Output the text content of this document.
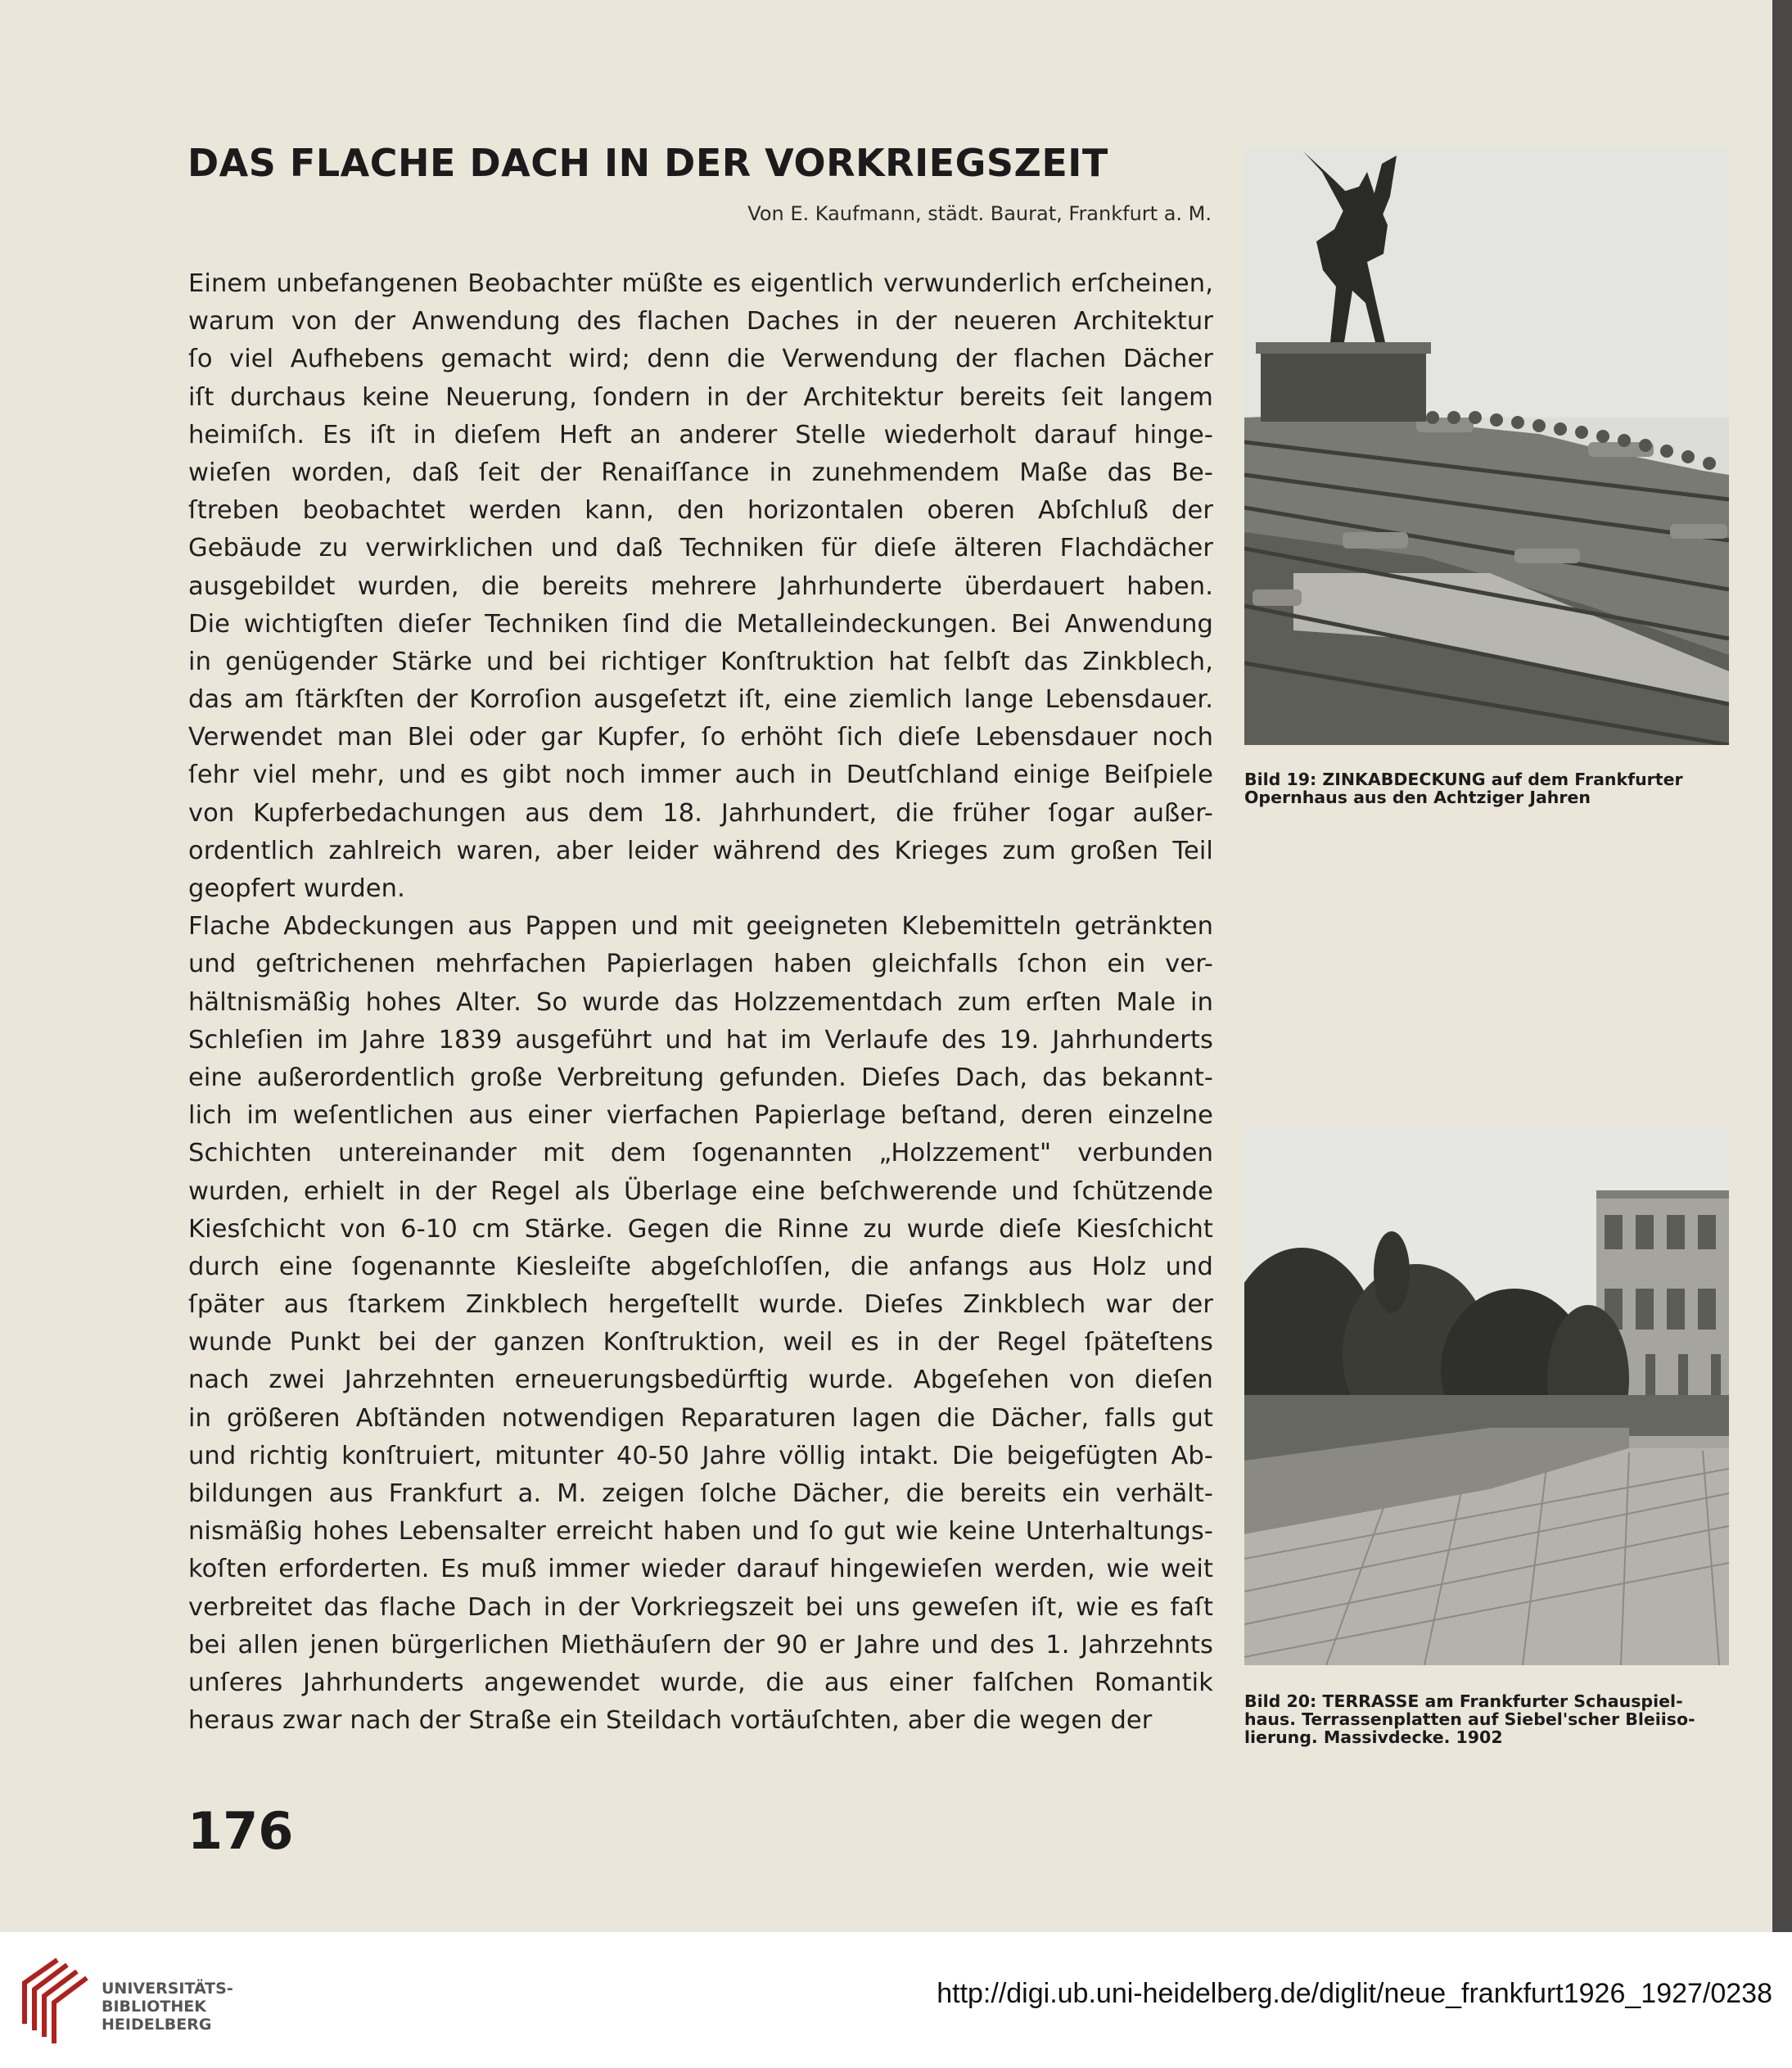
DAS FLACHE DACH IN DER VORKRIEGSZEIT
Von E. Kaufmann, städt. Baurat, Frankfurt a. M.
Einem unbefangenen Beobachter müßte es eigentlich verwunderlich erſcheinen,
warum von der Anwendung des flachen Daches in der neueren Architektur
ſo viel Aufhebens gemacht wird; denn die Verwendung der flachen Dächer
iſt durchaus keine Neuerung, ſondern in der Architektur bereits ſeit langem
heimiſch. Es iſt in dieſem Heft an anderer Stelle wiederholt darauf hinge-
wieſen worden, daß ſeit der Renaiſſance in zunehmendem Maße das Be-
ſtreben beobachtet werden kann, den horizontalen oberen Abſchluß der
Gebäude zu verwirklichen und daß Techniken für dieſe älteren Flachdächer
ausgebildet wurden, die bereits mehrere Jahrhunderte überdauert haben.
Die wichtigſten dieſer Techniken ſind die Metalleindeckungen. Bei Anwendung
in genügender Stärke und bei richtiger Konſtruktion hat ſelbſt das Zinkblech,
das am ſtärkſten der Korroſion ausgeſetzt iſt, eine ziemlich lange Lebensdauer.
Verwendet man Blei oder gar Kupfer, ſo erhöht ſich dieſe Lebensdauer noch
ſehr viel mehr, und es gibt noch immer auch in Deutſchland einige Beiſpiele
von Kupferbedachungen aus dem 18. Jahrhundert, die früher ſogar außer-
ordentlich zahlreich waren, aber leider während des Krieges zum großen Teil
geopfert wurden.
Flache Abdeckungen aus Pappen und mit geeigneten Klebemitteln getränkten
und geſtrichenen mehrfachen Papierlagen haben gleichfalls ſchon ein ver-
hältnismäßig hohes Alter. So wurde das Holzzementdach zum erſten Male in
Schleſien im Jahre 1839 ausgeführt und hat im Verlaufe des 19. Jahrhunderts
eine außerordentlich große Verbreitung gefunden. Dieſes Dach, das bekannt-
lich im weſentlichen aus einer vierfachen Papierlage beſtand, deren einzelne
Schichten untereinander mit dem ſogenannten „Holzzement" verbunden
wurden, erhielt in der Regel als Überlage eine beſchwerende und ſchützende
Kiesſchicht von 6-10 cm Stärke. Gegen die Rinne zu wurde dieſe Kiesſchicht
durch eine ſogenannte Kiesleiſte abgeſchloſſen, die anfangs aus Holz und
ſpäter aus ſtarkem Zinkblech hergeſtellt wurde. Dieſes Zinkblech war der
wunde Punkt bei der ganzen Konſtruktion, weil es in der Regel ſpäteſtens
nach zwei Jahrzehnten erneuerungsbedürftig wurde. Abgeſehen von dieſen
in größeren Abſtänden notwendigen Reparaturen lagen die Dächer, falls gut
und richtig konſtruiert, mitunter 40-50 Jahre völlig intakt. Die beigefügten Ab-
bildungen aus Frankfurt a. M. zeigen ſolche Dächer, die bereits ein verhält-
nismäßig hohes Lebensalter erreicht haben und ſo gut wie keine Unterhaltungs-
koſten erforderten. Es muß immer wieder darauf hingewieſen werden, wie weit
verbreitet das flache Dach in der Vorkriegszeit bei uns geweſen iſt, wie es faſt
bei allen jenen bürgerlichen Miethäuſern der 90 er Jahre und des 1. Jahrzehnts
unſeres Jahrhunderts angewendet wurde, die aus einer falſchen Romantik
heraus zwar nach der Straße ein Steildach vortäuſchten, aber die wegen der
176
Bild 19: ZINKABDECKUNG auf dem Frankfurter
Opernhaus aus den Achtziger Jahren
Bild 20: TERRASSE am Frankfurter Schauspiel-
haus. Terrassenplatten auf Siebel'scher Bleiiso-
lierung. Massivdecke. 1902
UNIVERSITÄTS-
BIBLIOTHEK
HEIDELBERG
http://digi.ub.uni-heidelberg.de/diglit/neue_frankfurt1926_1927/0238
